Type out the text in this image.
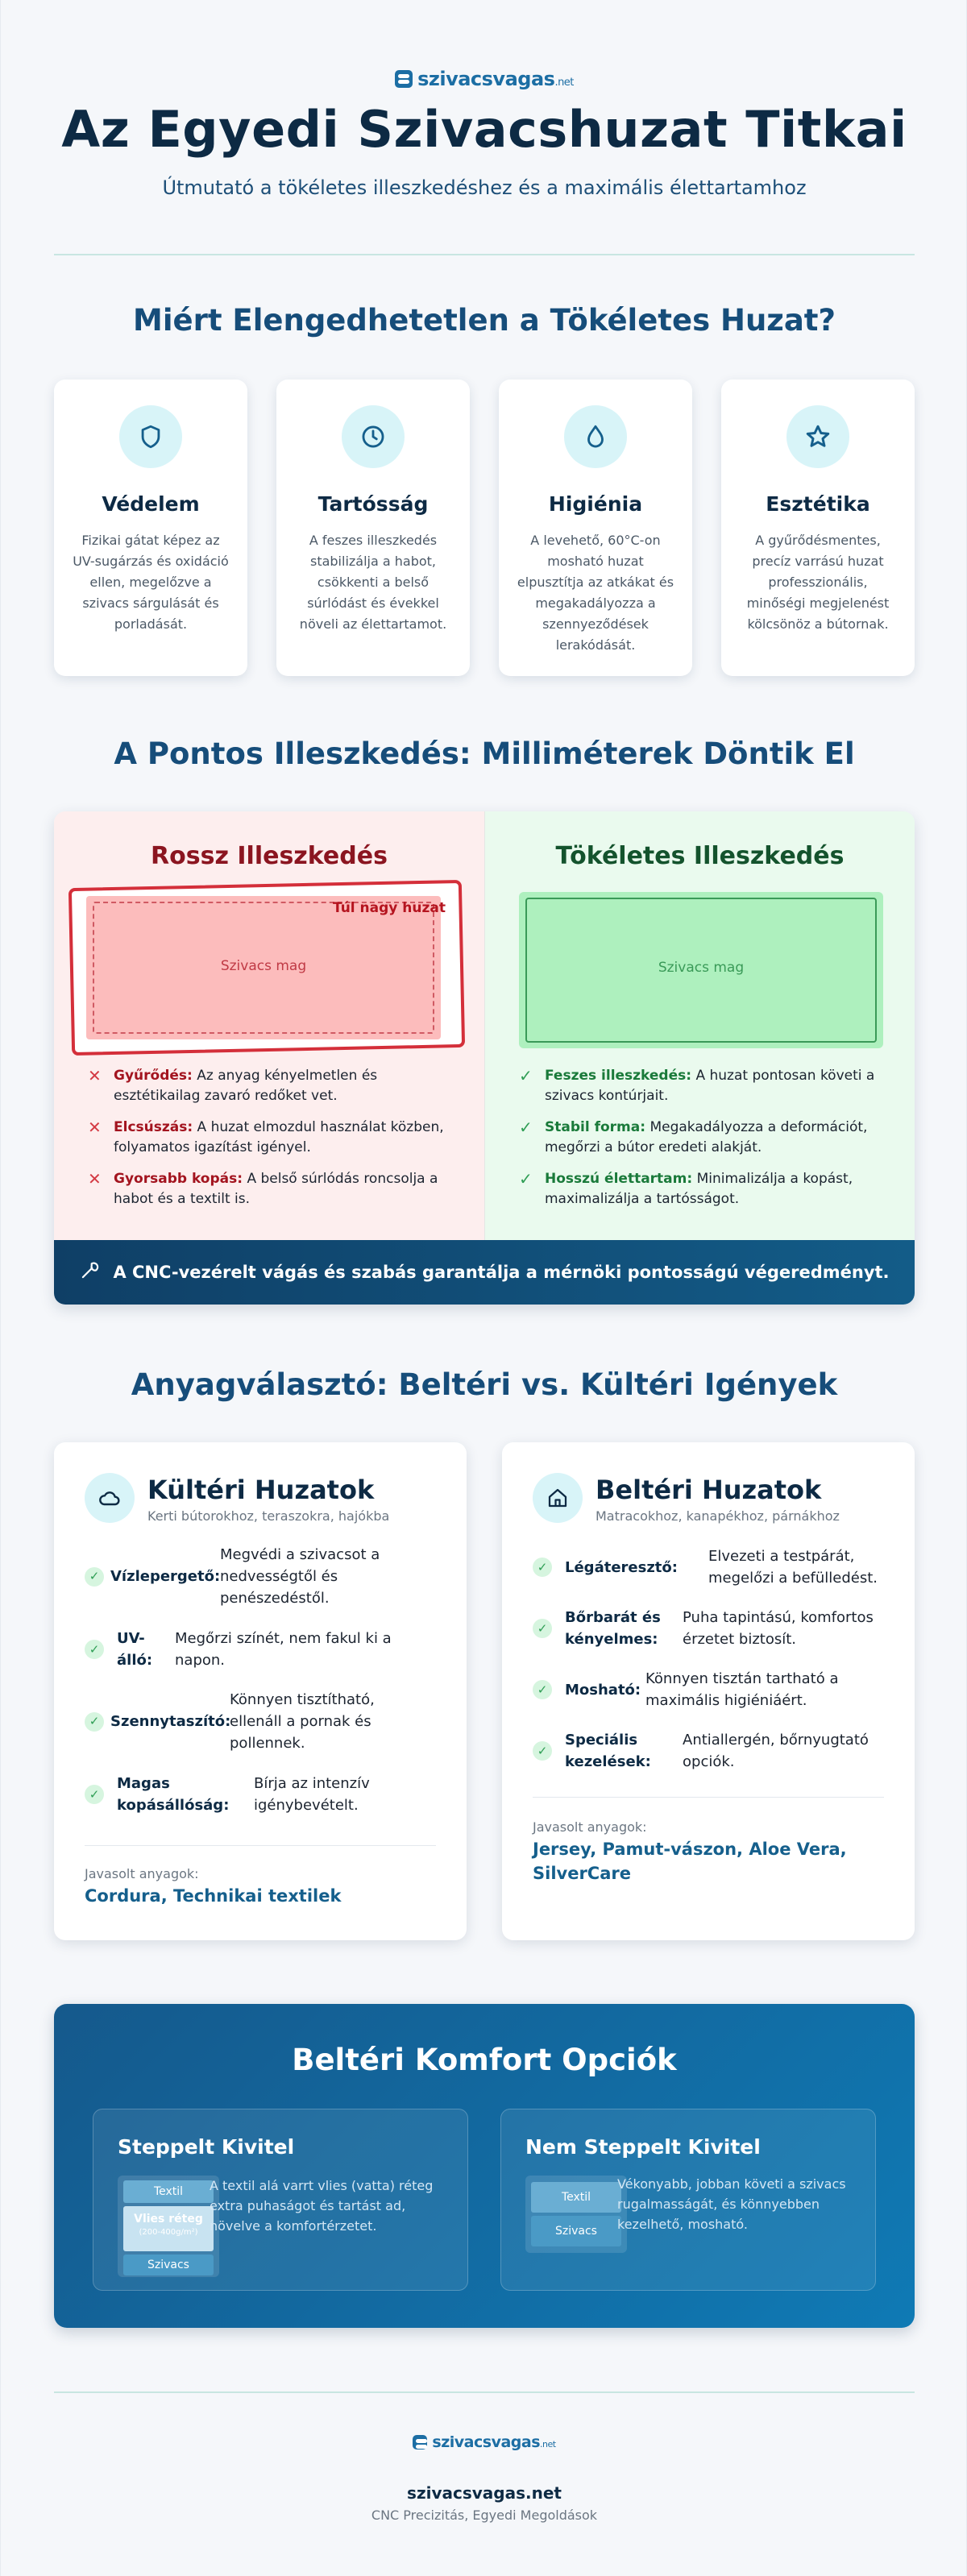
szivacsvagas.net
Az Egyedi Szivacshuzat Titkai

Útmutató a tökéletes illeszkedéshez és a maximális élettartamhoz

Miért Elengedhetetlen a Tökéletes Huzat?
Védelem

Fizikai gátat képez az UV-sugárzás és oxidáció ellen, megelőzve a szivacs sárgulását és porladását.

Tartósság

A feszes illeszkedés stabilizálja a habot, csökkenti a belső súrlódást és évekkel növeli az élettartamot.

Higiénia

A levehető, 60°C-on mosható huzat elpusztítja az atkákat és megakadályozza a szennyeződések lerakódását.

Esztétika

A gyűrődésmentes, precíz varrású huzat professzionális, minőségi megjelenést kölcsönöz a bútornak.

A Pontos Illeszkedés: Milliméterek Döntik El
Rossz Illeszkedés
Túl nagy huzat
Szivacs mag
✕ Gyűrődés: Az anyag kényelmetlen és esztétikailag zavaró redőket vet.
✕ Elcsúszás: A huzat elmozdul használat közben, folyamatos igazítást igényel.
✕ Gyorsabb kopás: A belső súrlódás roncsolja a habot és a textilt is.
Tökéletes Illeszkedés
Szivacs mag
✓ Feszes illeszkedés: A huzat pontosan követi a szivacs kontúrjait.
✓ Stabil forma: Megakadályozza a deformációt, megőrzi a bútor eredeti alakját.
✓ Hosszú élettartam: Minimalizálja a kopást, maximalizálja a tartósságot.
A CNC-vezérelt vágás és szabás garantálja a mérnöki pontosságú végeredményt.
Anyagválasztó: Beltéri vs. Kültéri Igények
Kültéri Huzatok
Kerti bútorokhoz, teraszokra, hajókba
✓ Vízlepergető:
Megvédi a szivacsot a nedvességtől és penészedéstől.
✓
UV-álló:
Megőrzi színét, nem fakul ki a napon.
✓ Szennytaszító:
Könnyen tisztítható, ellenáll a pornak és pollennek.
✓
Magas kopásállóság:
Bírja az intenzív igénybevételt.
Javasolt anyagok:
Cordura, Technikai textilek
Beltéri Huzatok
Matracokhoz, kanapékhoz, párnákhoz
✓	Légáteresztő:
Elvezeti a testpárát, megelőzi a befülledést.
✓
Bőrbarát és kényelmes:
Puha tapintású, komfortos érzetet biztosít.
✓	Mosható:
Könnyen tisztán tartható a maximális higiéniáért.
✓
Speciális kezelések:
Antiallergén, bőrnyugtató opciók.
Javasolt anyagok:
Jersey, Pamut-vászon, Aloe Vera, SilverCare
Beltéri Komfort Opciók
Steppelt Kivitel
Textil
Vlies réteg
(200-400g/m²)
Szivacs

A textil alá varrt vlies (vatta) réteg extra puhaságot és tartást ad, növelve a komfortérzetet.

Nem Steppelt Kivitel
Textil
Szivacs

Vékonyabb, jobban követi a szivacs rugalmasságát, és könnyebben kezelhető, mosható.

szivacsvagas.net
szivacsvagas.net
CNC Precizitás, Egyedi Megoldások
